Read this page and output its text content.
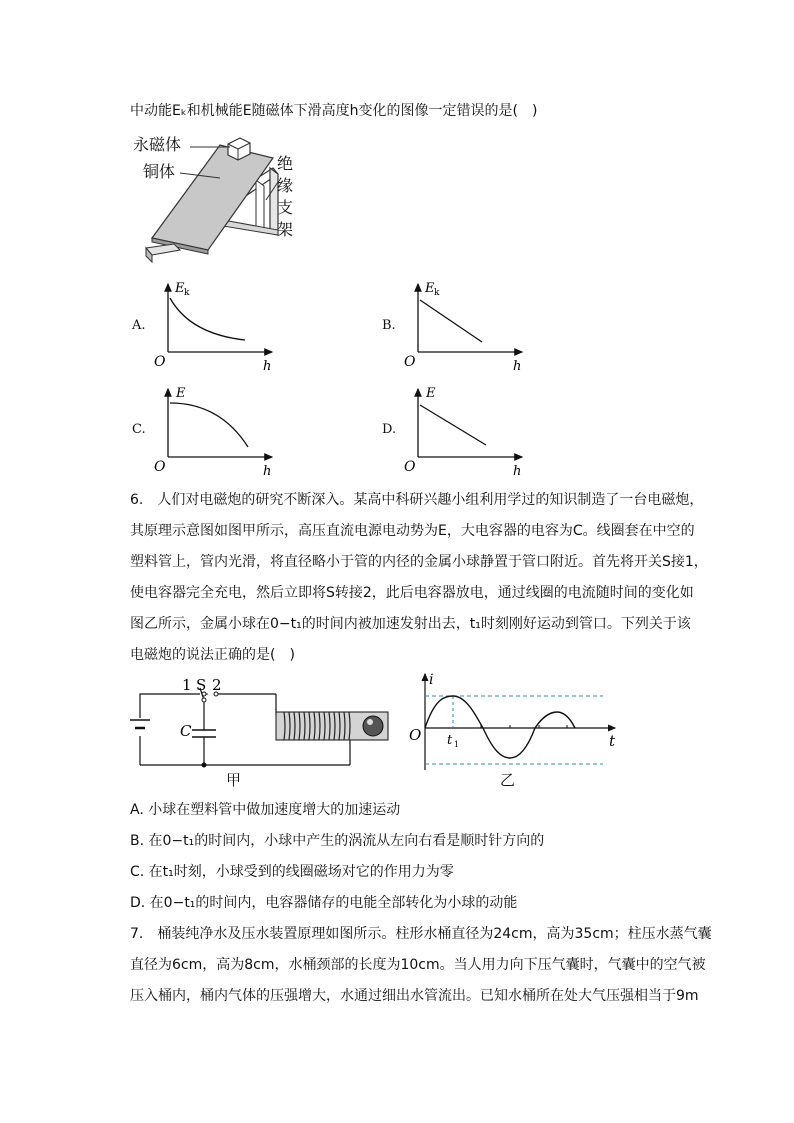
中动能Eₖ和机械能E随磁体下滑高度h变化的图像一定错误的是(　)
永磁体
铜体	绝
缘
支
架
A.
E k
O	h
B.
E k
O	h
C.
E
O	h
D.
E
O	h
6.　人们对电磁炮的研究不断深入。某高中科研兴趣小组利用学过的知识制造了一台电磁炮，
其原理示意图如图甲所示，高压直流电源电动势为E，大电容器的电容为C。线圈套在中空的
塑料管上，管内光滑，将直径略小于管的内径的金属小球静置于管口附近。首先将开关S接1，
使电容器完全充电，然后立即将S转接2，此后电容器放电，通过线圈的电流随时间的变化如
图乙所示，金属小球在0−t₁的时间内被加速发射出去，t₁时刻刚好运动到管口。下列关于该
电磁炮的说法正确的是(　)
1 S 2
C
甲
i
O	t
t 1
乙
A. 小球在塑料管中做加速度增大的加速运动
B. 在0−t₁的时间内，小球中产生的涡流从左向右看是顺时针方向的
C. 在t₁时刻，小球受到的线圈磁场对它的作用力为零
D. 在0−t₁的时间内，电容器储存的电能全部转化为小球的动能
7.　桶装纯净水及压水装置原理如图所示。柱形水桶直径为24cm，高为35cm；柱压水蒸气囊
直径为6cm，高为8cm，水桶颈部的长度为10cm。当人用力向下压气囊时，气囊中的空气被
压入桶内，桶内气体的压强增大，水通过细出水管流出。已知水桶所在处大气压强相当于9m
